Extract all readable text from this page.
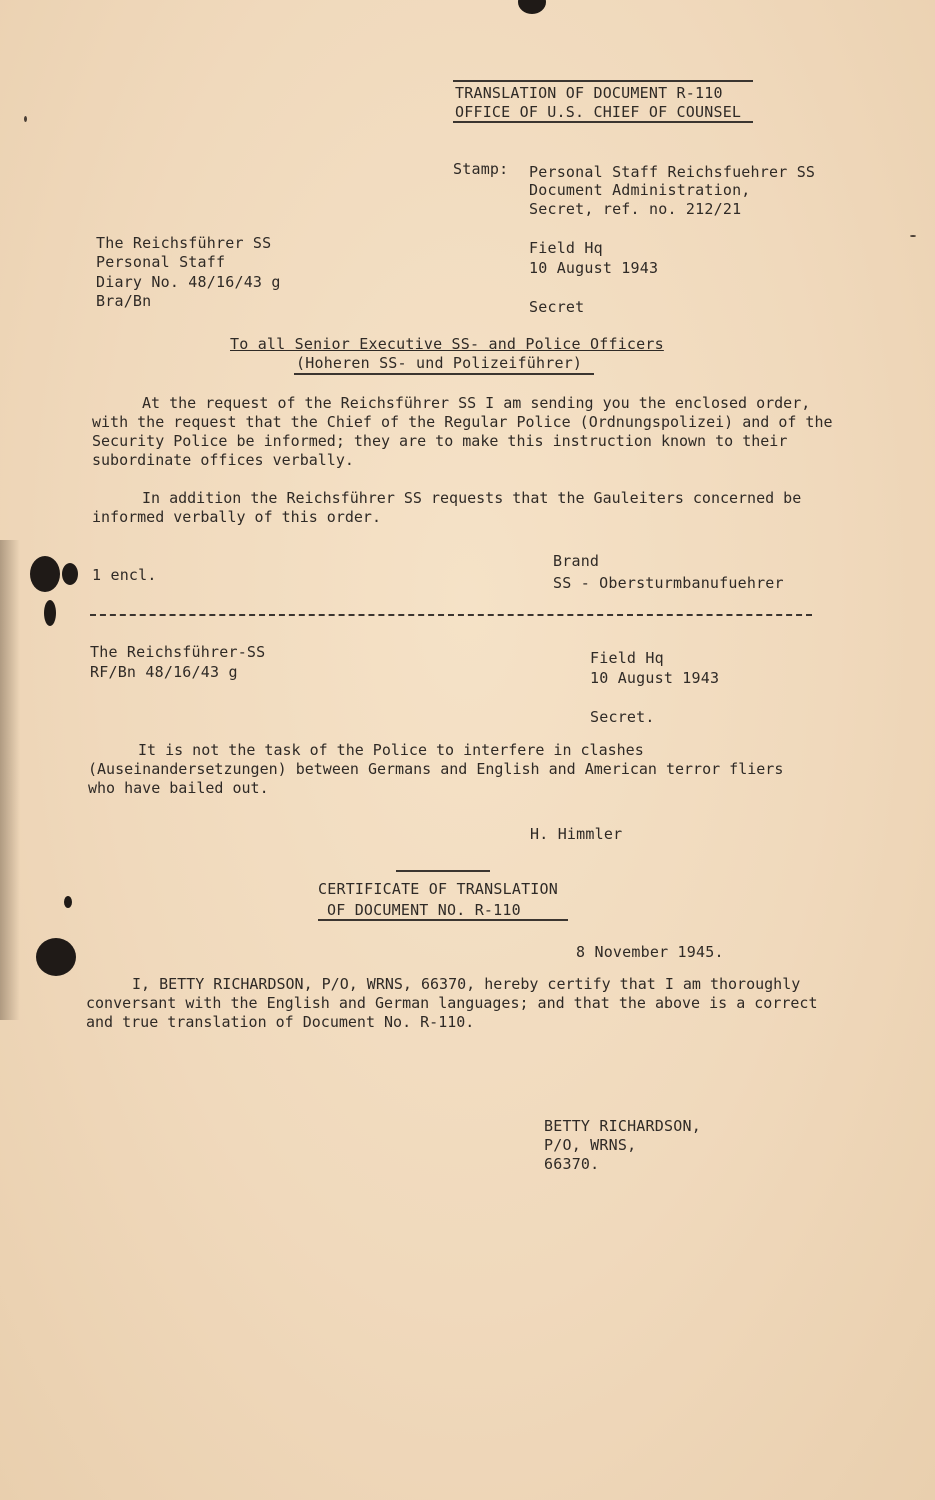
TRANSLATION OF DOCUMENT R-110
OFFICE OF U.S. CHIEF OF COUNSEL
Stamp: Personal Staff Reichsfuehrer SS
Document Administration,
Secret, ref. no. 212/21
The Reichsführer SS
Personal Staff
Diary No. 48/16/43 g
Bra/Bn
Field Hq
10 August 1943
Secret
To all Senior Executive SS- and Police Officers
(Hoheren SS- und Polizeiführer)
At the request of the Reichsführer SS I am sending you the enclosed order, with the request that the Chief of the Regular Police (Ordnungspolizei) and of the Security Police be informed; they are to make this instruction known to their subordinate offices verbally.
In addition the Reichsführer SS requests that the Gauleiters concerned be informed verbally of this order.
1 encl.
Brand
SS - Obersturmbanufuehrer
The Reichsführer-SS
RF/Bn 48/16/43 g
Field Hq
10 August 1943
Secret.
It is not the task of the Police to interfere in clashes (Auseinandersetzungen) between Germans and English and American terror fliers who have bailed out.
H. Himmler
CERTIFICATE OF TRANSLATION
OF DOCUMENT NO. R-110
8 November 1945.
I, BETTY RICHARDSON, P/O, WRNS, 66370, hereby certify that I am thoroughly conversant with the English and German languages; and that the above is a correct and true translation of Document No. R-110.
BETTY RICHARDSON,
P/O, WRNS,
66370.
